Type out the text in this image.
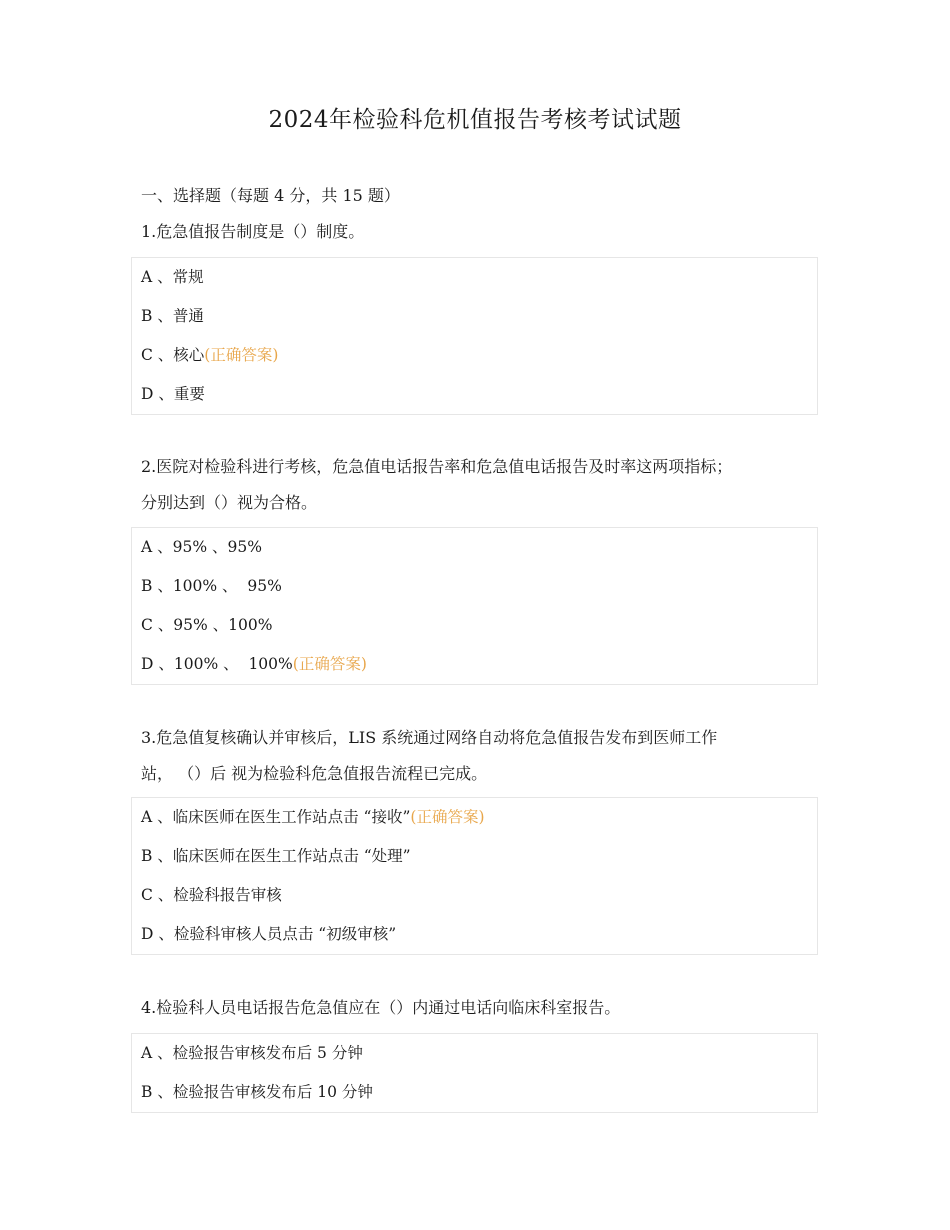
2024年检验科危机值报告考核考试试题
一、选择题（每题 4 分，共 15 题）
1.危急值报告制度是（）制度。
A 、常规
B 、普通
C 、核心(正确答案)
D 、重要
2.医院对检验科进行考核，危急值电话报告率和危急值电话报告及时率这两项指标；
分别达到（）视为合格。
A 、95% 、95%
B 、100% 、  95%
C 、95% 、100%
D 、100% 、  100%(正确答案)
3.危急值复核确认并审核后，LIS 系统通过网络自动将危急值报告发布到医师工作
站， （）后 视为检验科危急值报告流程已完成。
A 、临床医师在医生工作站点击 “接收”(正确答案)
B 、临床医师在医生工作站点击 “处理”
C 、检验科报告审核
D 、检验科审核人员点击 “初级审核”
4.检验科人员电话报告危急值应在（）内通过电话向临床科室报告。
A 、检验报告审核发布后 5 分钟
B 、检验报告审核发布后 10 分钟
